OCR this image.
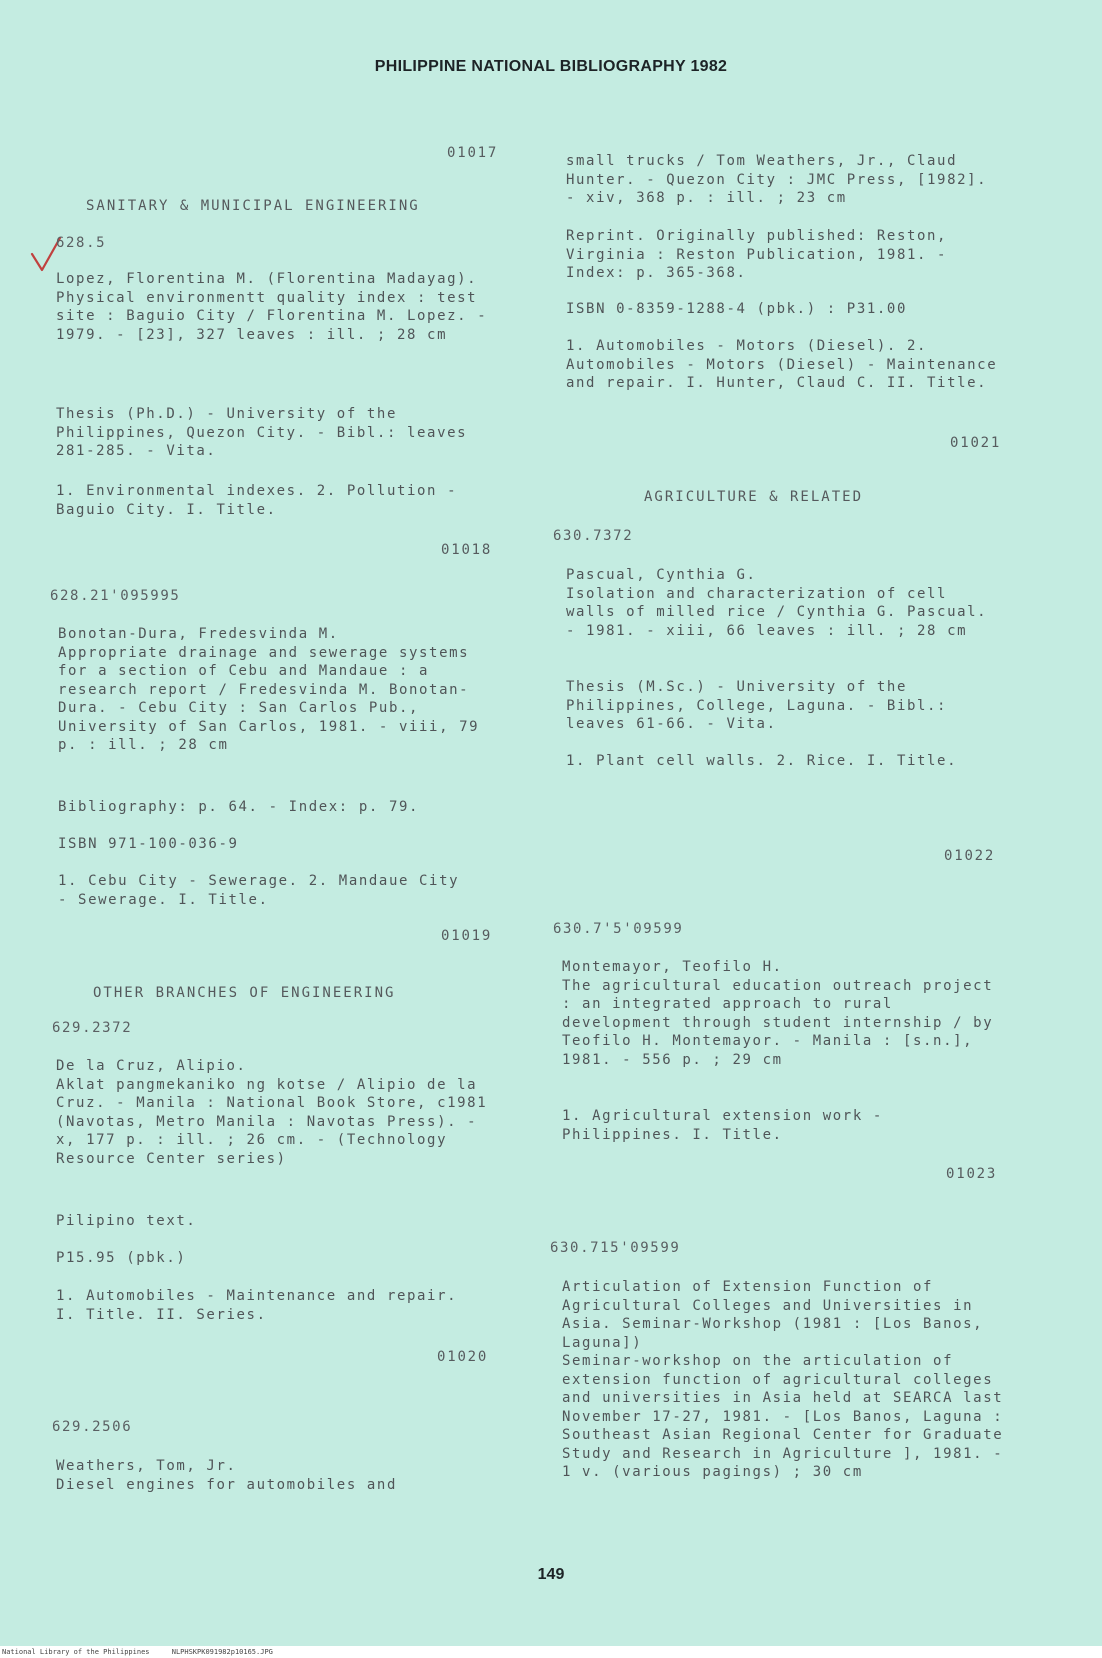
PHILIPPINE NATIONAL BIBLIOGRAPHY 1982
01017
SANITARY & MUNICIPAL ENGINEERING
628.5

Lopez, Florentina M. (Florentina Madayag).
Physical environmentt quality index : test site : Baguio City / Florentina M. Lopez. - 1979. - [23], 327 leaves : ill. ; 28 cm

Thesis (Ph.D.) - University of the Philippines, Quezon City. - Bibl.: leaves 281-285. - Vita.

1. Environmental indexes. 2. Pollution - Baguio City. I. Title.

01018
628.21'095995

Bonotan-Dura, Fredesvinda M.
Appropriate drainage and sewerage systems for a section of Cebu and Mandaue : a research report / Fredesvinda M. Bonotan-Dura. - Cebu City : San Carlos Pub., University of San Carlos, 1981. - viii, 79 p. : ill. ; 28 cm

Bibliography: p. 64. - Index: p. 79.

ISBN 971-100-036-9

1. Cebu City - Sewerage. 2. Mandaue City - Sewerage. I. Title.

01019
OTHER BRANCHES OF ENGINEERING
629.2372

De la Cruz, Alipio.
Aklat pangmekaniko ng kotse / Alipio de la Cruz. - Manila : National Book Store, c1981 (Navotas, Metro Manila : Navotas Press). - x, 177 p. : ill. ; 26 cm. - (Technology Resource Center series)

Pilipino text.

P15.95 (pbk.)

1. Automobiles - Maintenance and repair. I. Title. II. Series.

01020
629.2506

Weathers, Tom, Jr.
Diesel engines for automobiles and

small trucks / Tom Weathers, Jr., Claud Hunter. - Quezon City : JMC Press, [1982]. - xiv, 368 p. : ill. ; 23 cm

Reprint. Originally published: Reston, Virginia : Reston Publication, 1981. - Index: p. 365-368.

ISBN 0-8359-1288-4 (pbk.) : P31.00

1. Automobiles - Motors (Diesel). 2. Automobiles - Motors (Diesel) - Maintenance and repair. I. Hunter, Claud C. II. Title.

01021
AGRICULTURE & RELATED
630.7372

Pascual, Cynthia G.
Isolation and characterization of cell walls of milled rice / Cynthia G. Pascual. - 1981. - xiii, 66 leaves : ill. ; 28 cm

Thesis (M.Sc.) - University of the Philippines, College, Laguna. - Bibl.: leaves 61-66. - Vita.

1. Plant cell walls. 2. Rice. I. Title.

01022
630.7'5'09599

Montemayor, Teofilo H.
The agricultural education outreach project : an integrated approach to rural development through student internship / by Teofilo H. Montemayor. - Manila : [s.n.], 1981. - 556 p. ; 29 cm

1. Agricultural extension work - Philippines. I. Title.

01023
630.715'09599

Articulation of Extension Function of Agricultural Colleges and Universities in Asia. Seminar-Workshop (1981 : [Los Banos, Laguna])
Seminar-workshop on the articulation of extension function of agricultural colleges and universities in Asia held at SEARCA last November 17-27, 1981. - [Los Banos, Laguna : Southeast Asian Regional Center for Graduate Study and Research in Agriculture ], 1981. - 1 v. (various pagings) ; 30 cm

149
National Library of the Philippines	NLPHSKPK091982p10165.JPG
